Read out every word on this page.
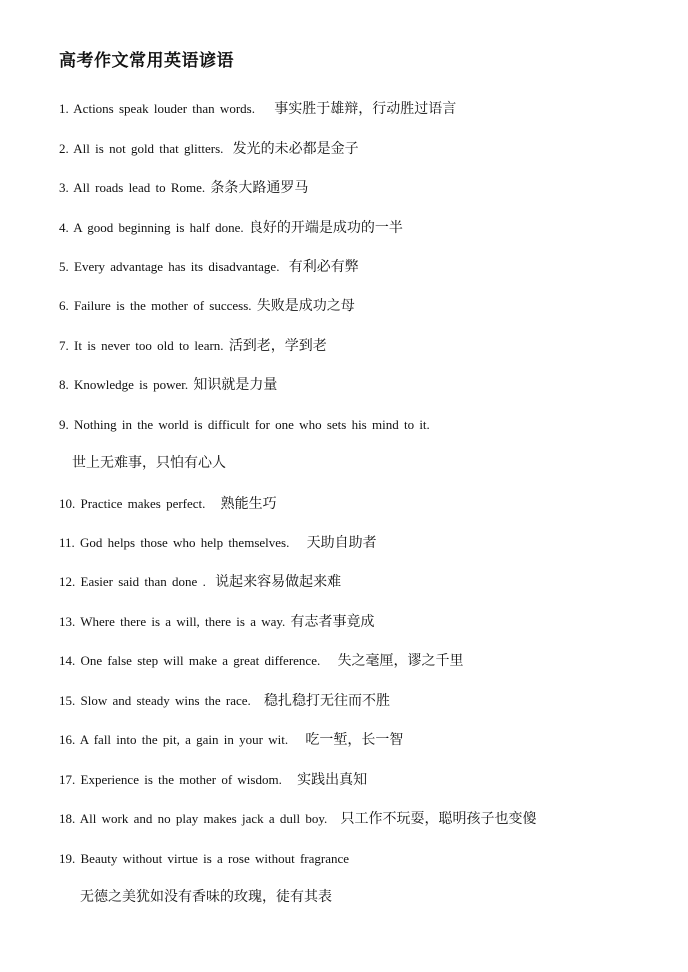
高考作文常用英语谚语
1. Actions speak louder than words. 事实胜于雄辩，行动胜过语言
2. All is not gold that glitters. 发光的未必都是金子
3. All roads lead to Rome. 条条大路通罗马
4. A good beginning is half done. 良好的开端是成功的一半
5. Every advantage has its disadvantage. 有利必有弊
6. Failure is the mother of success. 失败是成功之母
7. It is never too old to learn. 活到老，学到老
8. Knowledge is power. 知识就是力量
9. Nothing in the world is difficult for one who sets his mind to it.
世上无难事，只怕有心人
10. Practice makes perfect. 熟能生巧
11. God helps those who help themselves. 天助自助者
12. Easier said than done . 说起来容易做起来难
13. Where there is a will, there is a way. 有志者事竟成
14. One false step will make a great difference. 失之毫厘，谬之千里
15. Slow and steady wins the race. 稳扎稳打无往而不胜
16. A fall into the pit, a gain in your wit. 吃一堑，长一智
17. Experience is the mother of wisdom. 实践出真知
18. All work and no play makes jack a dull boy. 只工作不玩耍，聪明孩子也变傻
19. Beauty without virtue is a rose without fragrance
无德之美犹如没有香味的玫瑰，徒有其表
